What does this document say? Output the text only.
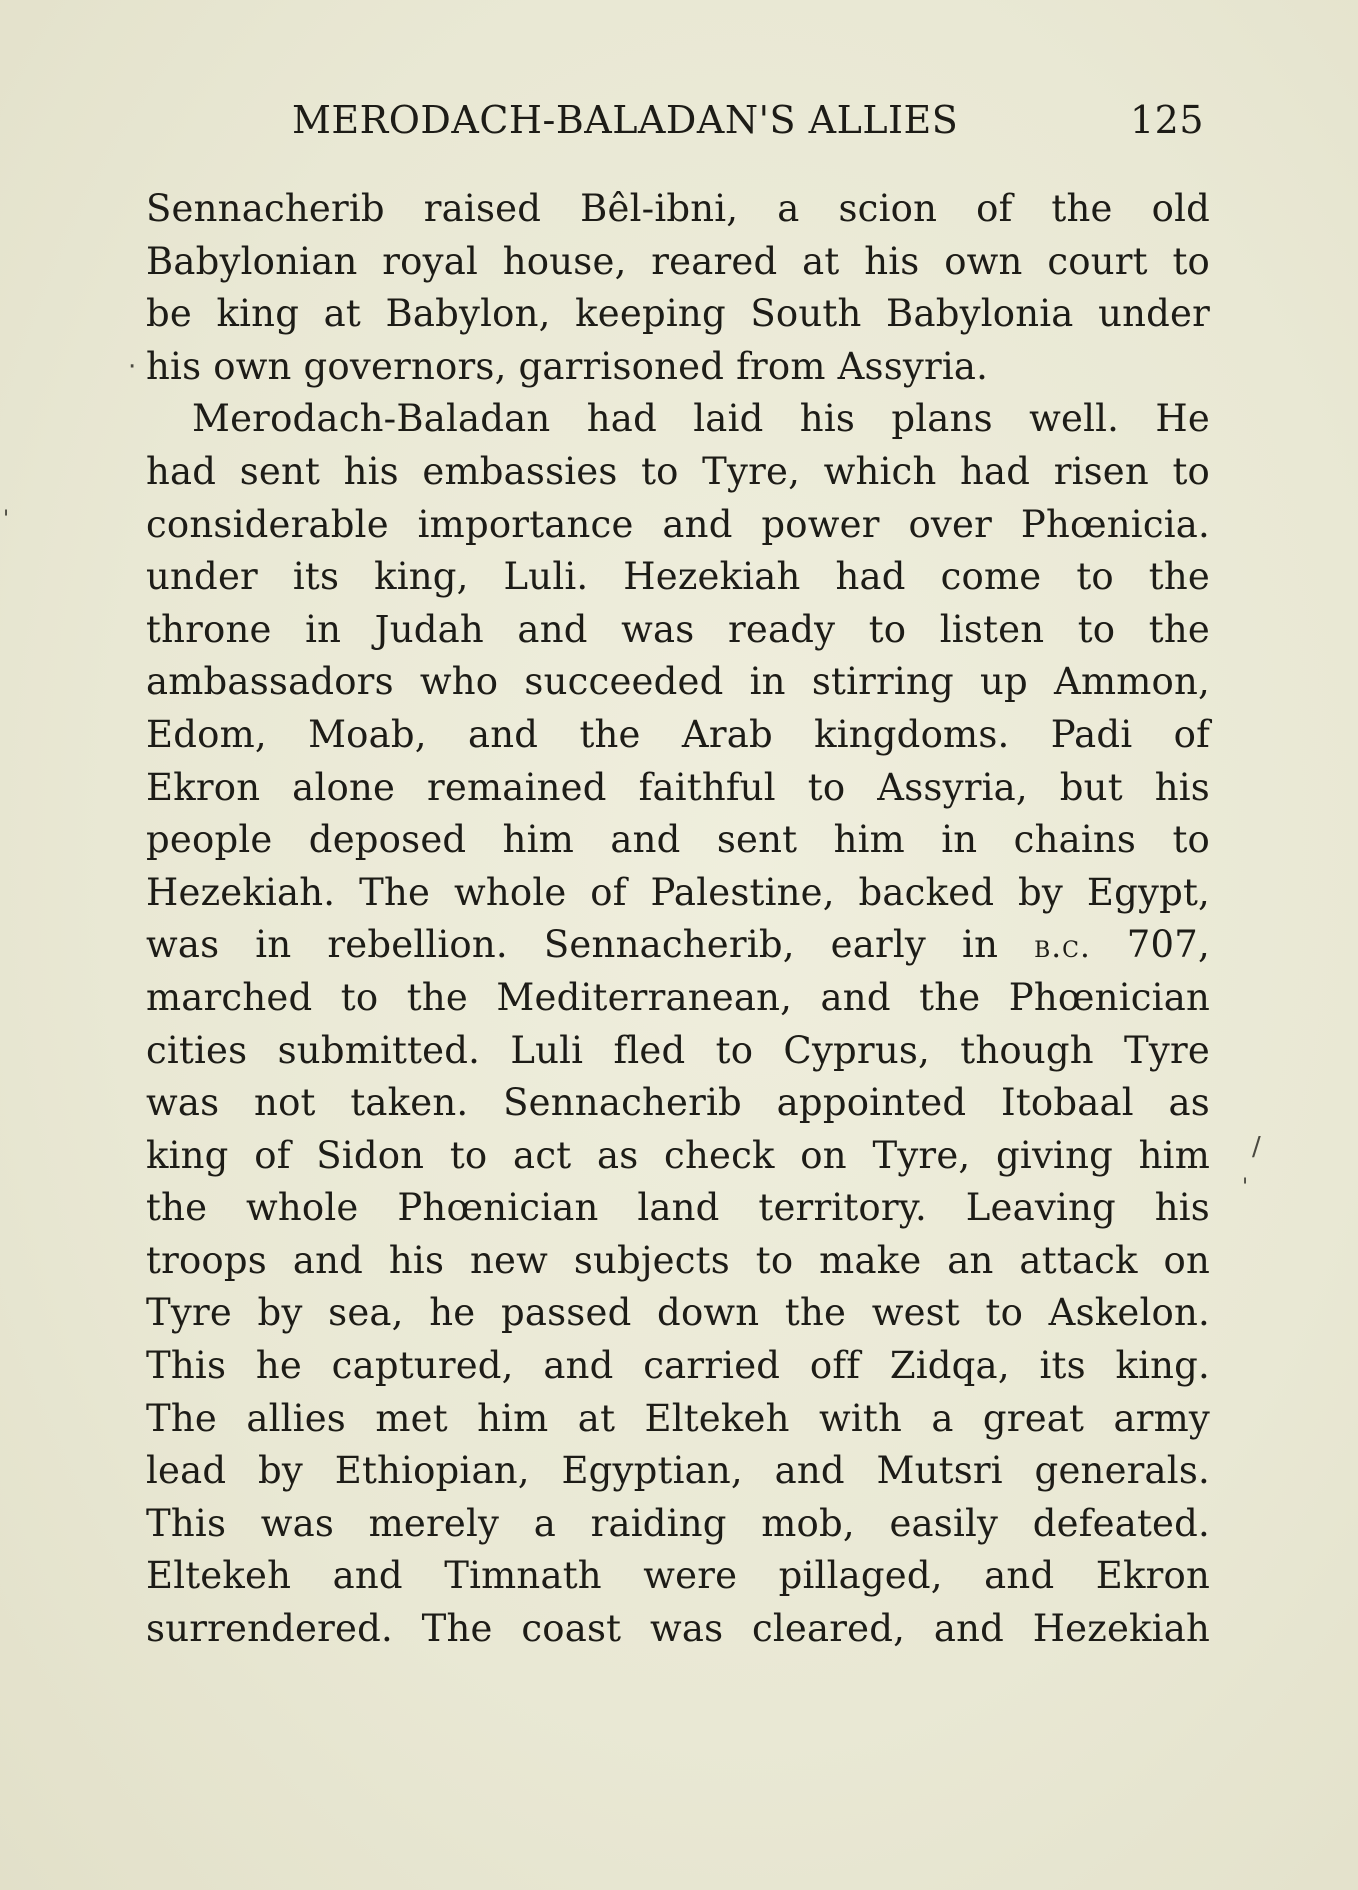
MERODACH-BALADAN'S ALLIES	125
Sennacherib raised Bêl-ibni, a scion of the old
Babylonian royal house, reared at his own court to
be king at Babylon, keeping South Babylonia under
his own governors, garrisoned from Assyria.
Merodach-Baladan had laid his plans well. He
had sent his embassies to Tyre, which had risen to
considerable importance and power over Phœnicia.
under its king, Luli. Hezekiah had come to the
throne in Judah and was ready to listen to the
ambassadors who succeeded in stirring up Ammon,
Edom, Moab, and the Arab kingdoms. Padi of
Ekron alone remained faithful to Assyria, but his
people deposed him and sent him in chains to
Hezekiah. The whole of Palestine, backed by Egypt,
was in rebellion. Sennacherib, early in b.c. 707,
marched to the Mediterranean, and the Phœnician
cities submitted. Luli fled to Cyprus, though Tyre
was not taken. Sennacherib appointed Itobaal as
king of Sidon to act as check on Tyre, giving him
the whole Phœnician land territory. Leaving his
troops and his new subjects to make an attack on
Tyre by sea, he passed down the west to Askelon.
This he captured, and carried off Zidqa, its king.
The allies met him at Eltekeh with a great army
lead by Ethiopian, Egyptian, and Mutsri generals.
This was merely a raiding mob, easily defeated.
Eltekeh and Timnath were pillaged, and Ekron
surrendered. The coast was cleared, and Hezekiah
·
'
/
'
